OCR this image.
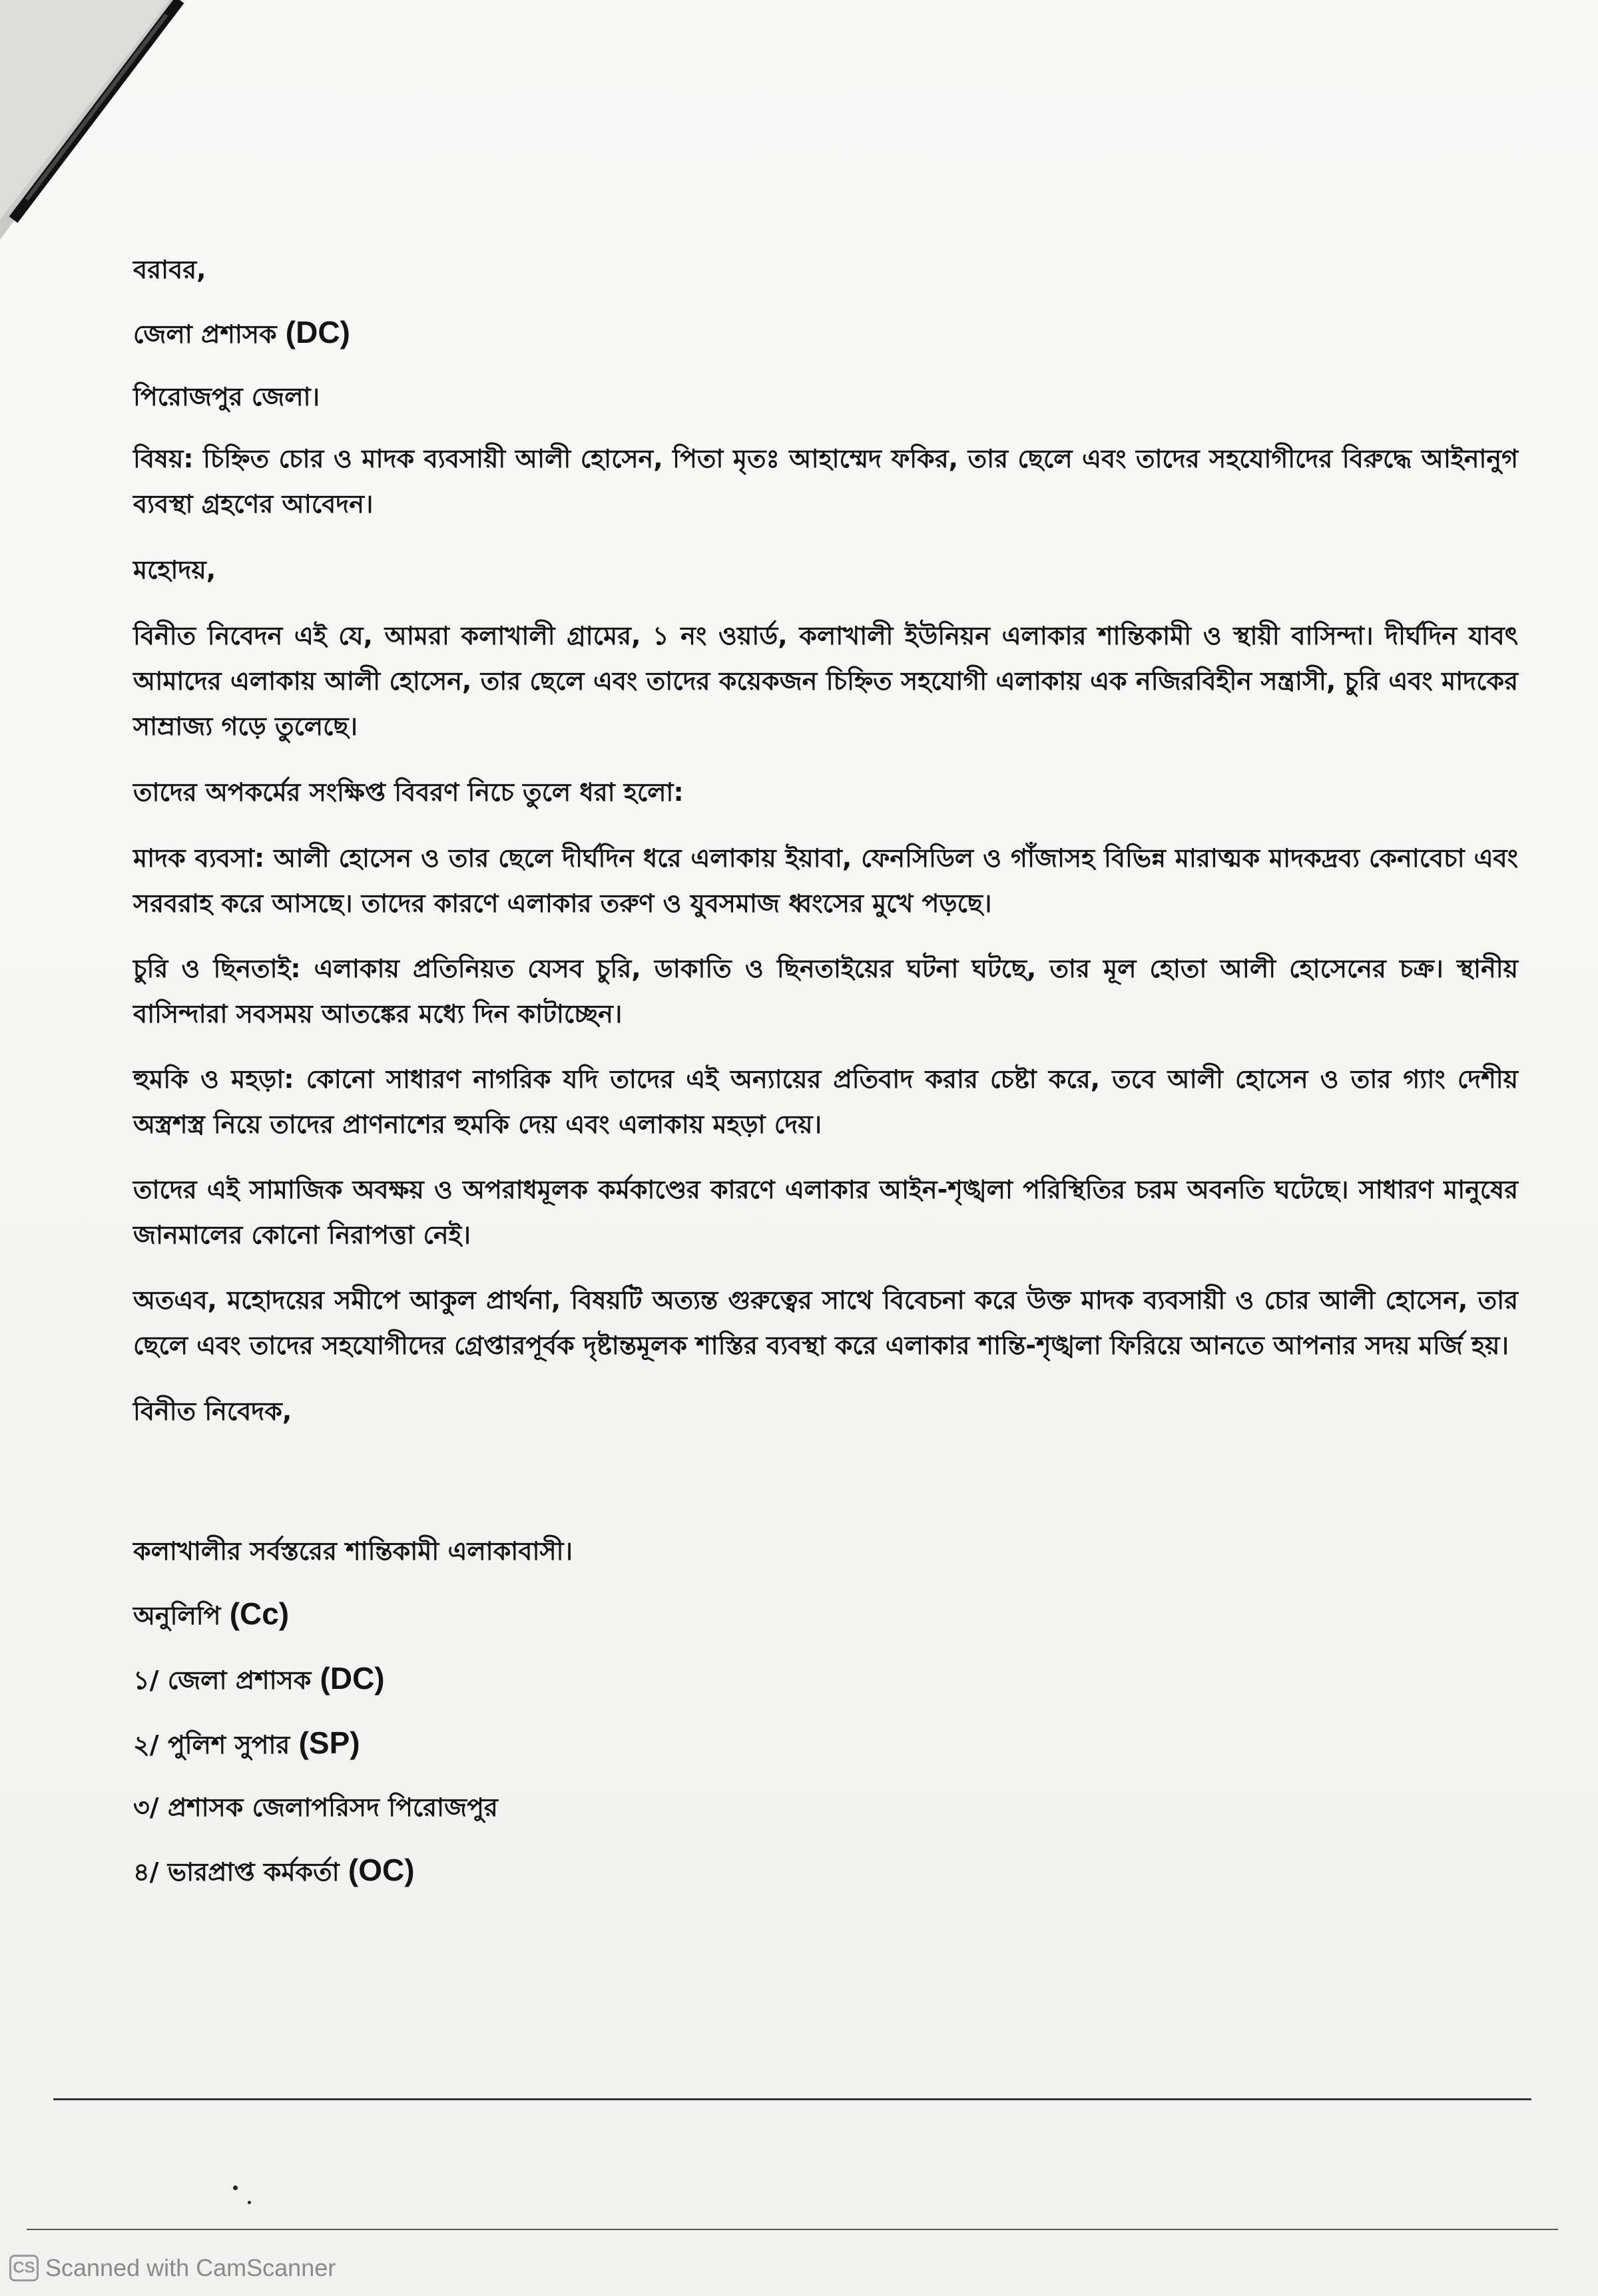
বরাবর,
জেলা প্রশাসক (DC)
পিরোজপুর জেলা।
বিষয়: চিহ্নিত চোর ও মাদক ব্যবসায়ী আলী হোসেন, পিতা মৃতঃ আহাম্মেদ ফকির, তার ছেলে এবং তাদের সহযোগীদের বিরুদ্ধে আইনানুগ ব্যবস্থা গ্রহণের আবেদন।
মহোদয়,
বিনীত নিবেদন এই যে, আমরা কলাখালী গ্রামের, ১ নং ওয়ার্ড, কলাখালী ইউনিয়ন এলাকার শান্তিকামী ও স্থায়ী বাসিন্দা। দীর্ঘদিন যাবৎ আমাদের এলাকায় আলী হোসেন, তার ছেলে এবং তাদের কয়েকজন চিহ্নিত সহযোগী এলাকায় এক নজিরবিহীন সন্ত্রাসী, চুরি এবং মাদকের সাম্রাজ্য গড়ে তুলেছে।
তাদের অপকর্মের সংক্ষিপ্ত বিবরণ নিচে তুলে ধরা হলো:
মাদক ব্যবসা: আলী হোসেন ও তার ছেলে দীর্ঘদিন ধরে এলাকায় ইয়াবা, ফেনসিডিল ও গাঁজাসহ বিভিন্ন মারাত্মক মাদকদ্রব্য কেনাবেচা এবং সরবরাহ করে আসছে। তাদের কারণে এলাকার তরুণ ও যুবসমাজ ধ্বংসের মুখে পড়ছে।
চুরি ও ছিনতাই: এলাকায় প্রতিনিয়ত যেসব চুরি, ডাকাতি ও ছিনতাইয়ের ঘটনা ঘটছে, তার মূল হোতা আলী হোসেনের চক্র। স্থানীয় বাসিন্দারা সবসময় আতঙ্কের মধ্যে দিন কাটাচ্ছেন।
হুমকি ও মহড়া: কোনো সাধারণ নাগরিক যদি তাদের এই অন্যায়ের প্রতিবাদ করার চেষ্টা করে, তবে আলী হোসেন ও তার গ্যাং দেশীয় অস্ত্রশস্ত্র নিয়ে তাদের প্রাণনাশের হুমকি দেয় এবং এলাকায় মহড়া দেয়।
তাদের এই সামাজিক অবক্ষয় ও অপরাধমূলক কর্মকাণ্ডের কারণে এলাকার আইন-শৃঙ্খলা পরিস্থিতির চরম অবনতি ঘটেছে। সাধারণ মানুষের জানমালের কোনো নিরাপত্তা নেই।
অতএব, মহোদয়ের সমীপে আকুল প্রার্থনা, বিষয়টি অত্যন্ত গুরুত্বের সাথে বিবেচনা করে উক্ত মাদক ব্যবসায়ী ও চোর আলী হোসেন, তার ছেলে এবং তাদের সহযোগীদের গ্রেপ্তারপূর্বক দৃষ্টান্তমূলক শাস্তির ব্যবস্থা করে এলাকার শান্তি-শৃঙ্খলা ফিরিয়ে আনতে আপনার সদয় মর্জি হয়।
বিনীত নিবেদক,
কলাখালীর সর্বস্তরের শান্তিকামী এলাকাবাসী।
অনুলিপি (Cc)
১/ জেলা প্রশাসক (DC)
২/ পুলিশ সুপার (SP)
৩/ প্রশাসক জেলাপরিসদ পিরোজপুর
৪/ ভারপ্রাপ্ত কর্মকর্তা (OC)
CS Scanned with CamScanner
